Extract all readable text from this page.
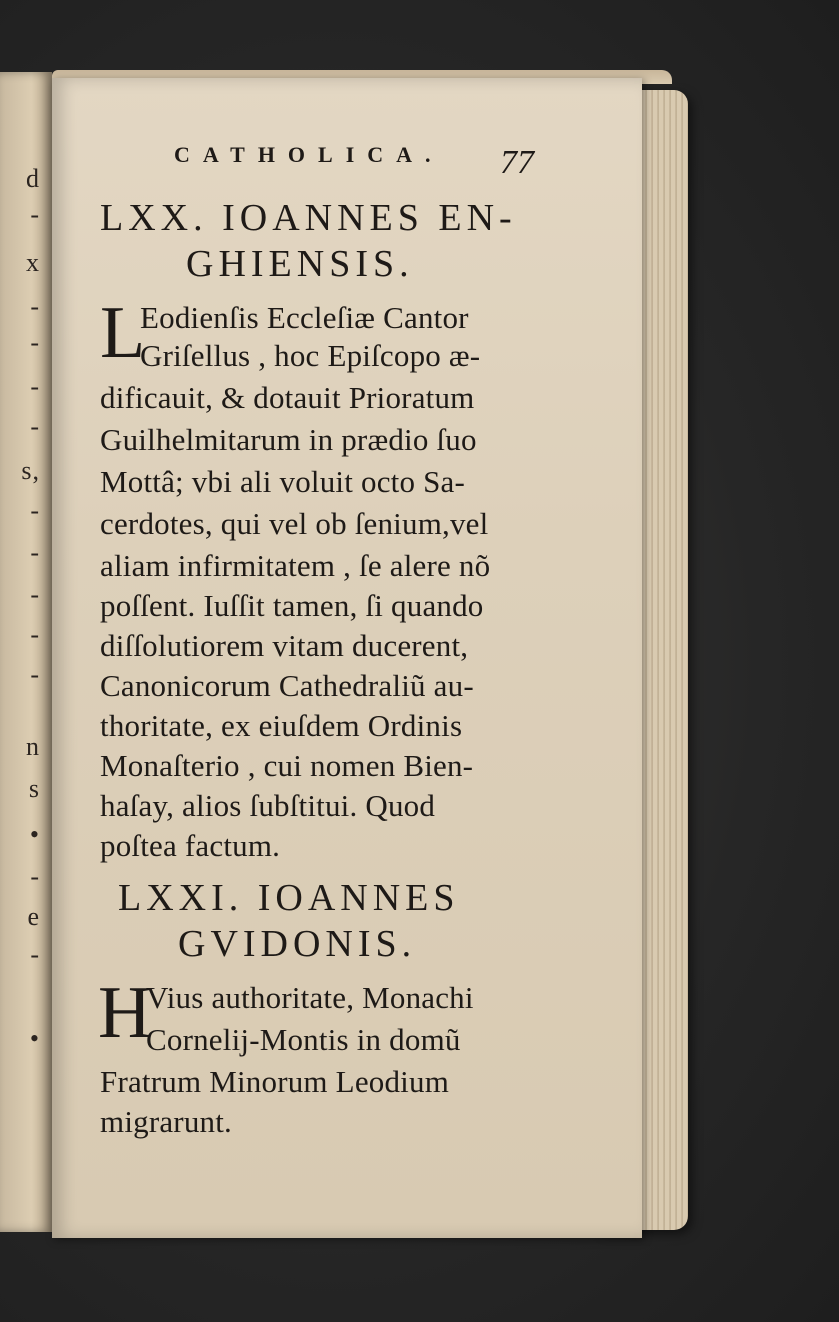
d
-
x
-
-
-
-
s,
-
-
-
-
-
n
s
•
-
e
-
•
CATHOLICA. 77
LXX. IOANNES EN-
GHIENSIS.
L
Eodienſis Eccleſiæ Cantor
Griſellus , hoc Epiſcopo æ-
dificauit, & dotauit Prioratum
Guilhelmitarum in prædio ſuo
Mottâ; vbi ali voluit octo Sa-
cerdotes, qui vel ob ſenium,vel
aliam infirmitatem , ſe alere nõ
poſſent. Iuſſit tamen, ſi quando
diſſolutiorem vitam ducerent,
Canonicorum Cathedraliũ au-
thoritate, ex eiuſdem Ordinis
Monaſterio , cui nomen Bien-
haſay, alios ſubſtitui. Quod
poſtea factum.
LXXI. IOANNES
GVIDONIS.
H
Vius authoritate, Monachi
Cornelij-Montis in domũ
Fratrum Minorum Leodium
migrarunt.
